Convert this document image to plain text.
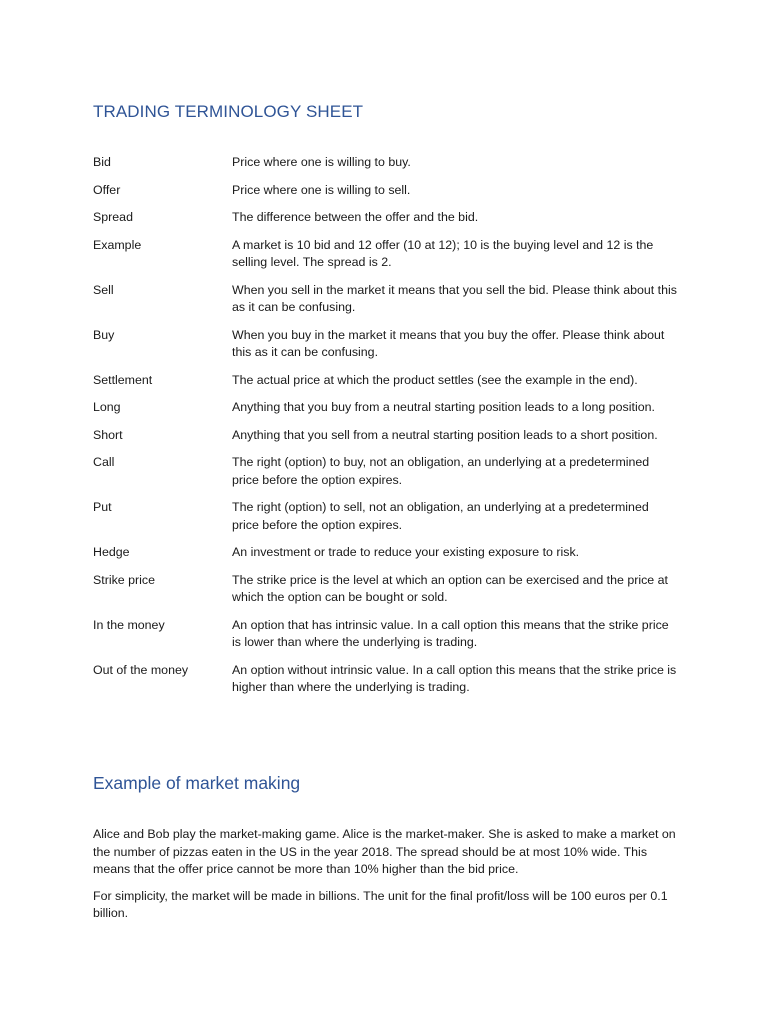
TRADING TERMINOLOGY SHEET
Bid	Price where one is willing to buy.
Offer	Price where one is willing to sell.
Spread	The difference between the offer and the bid.
Example	A market is 10 bid and 12 offer (10 at 12); 10 is the buying level and 12 is the selling level. The spread is 2.
Sell	When you sell in the market it means that you sell the bid. Please think about this as it can be confusing.
Buy	When you buy in the market it means that you buy the offer. Please think about this as it can be confusing.
Settlement	The actual price at which the product settles (see the example in the end).
Long	Anything that you buy from a neutral starting position leads to a long position.
Short	Anything that you sell from a neutral starting position leads to a short position.
Call	The right (option) to buy, not an obligation, an underlying at a predetermined price before the option expires.
Put	The right (option) to sell, not an obligation, an underlying at a predetermined price before the option expires.
Hedge	An investment or trade to reduce your existing exposure to risk.
Strike price	The strike price is the level at which an option can be exercised and the price at which the option can be bought or sold.
In the money	An option that has intrinsic value. In a call option this means that the strike price is lower than where the underlying is trading.
Out of the money	An option without intrinsic value. In a call option this means that the strike price is higher than where the underlying is trading.
Example of market making

Alice and Bob play the market-making game. Alice is the market-maker. She is asked to make a market on the number of pizzas eaten in the US in the year 2018. The spread should be at most 10% wide. This means that the offer price cannot be more than 10% higher than the bid price.

For simplicity, the market will be made in billions. The unit for the final profit/loss will be 100 euros per 0.1 billion.
